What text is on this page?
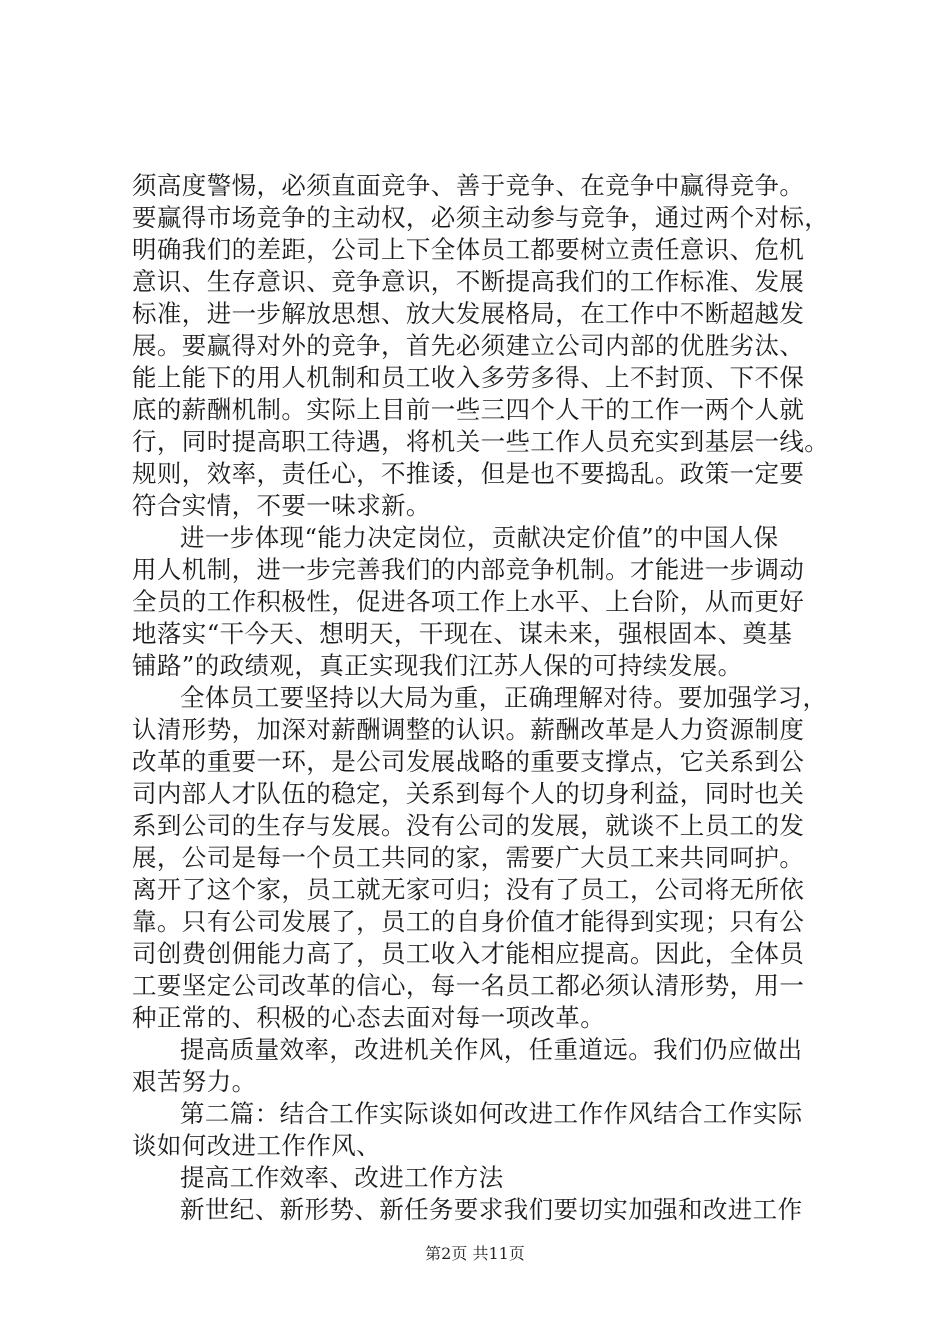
须高度警惕，必须直面竞争、善于竞争、在竞争中赢得竞争。
要赢得市场竞争的主动权，必须主动参与竞争，通过两个对标，
明确我们的差距，公司上下全体员工都要树立责任意识、危机
意识、生存意识、竞争意识，不断提高我们的工作标准、发展
标准，进一步解放思想、放大发展格局，在工作中不断超越发
展。要赢得对外的竞争，首先必须建立公司内部的优胜劣汰、
能上能下的用人机制和员工收入多劳多得、上不封顶、下不保
底的薪酬机制。实际上目前一些三四个人干的工作一两个人就
行，同时提高职工待遇，将机关一些工作人员充实到基层一线。
规则，效率，责任心，不推诿，但是也不要捣乱。政策一定要
符合实情，不要一味求新。
进一步体现“能力决定岗位，贡献决定价值”的中国人保
用人机制，进一步完善我们的内部竞争机制。才能进一步调动
全员的工作积极性，促进各项工作上水平、上台阶，从而更好
地落实“干今天、想明天，干现在、谋未来，强根固本、奠基
铺路”的政绩观，真正实现我们江苏人保的可持续发展。
全体员工要坚持以大局为重，正确理解对待。要加强学习，
认清形势，加深对薪酬调整的认识。薪酬改革是人力资源制度
改革的重要一环，是公司发展战略的重要支撑点，它关系到公
司内部人才队伍的稳定，关系到每个人的切身利益，同时也关
系到公司的生存与发展。没有公司的发展，就谈不上员工的发
展，公司是每一个员工共同的家，需要广大员工来共同呵护。
离开了这个家，员工就无家可归；没有了员工，公司将无所依
靠。只有公司发展了，员工的自身价值才能得到实现；只有公
司创费创佣能力高了，员工收入才能相应提高。因此，全体员
工要坚定公司改革的信心，每一名员工都必须认清形势，用一
种正常的、积极的心态去面对每一项改革。
提高质量效率，改进机关作风，任重道远。我们仍应做出
艰苦努力。
第二篇：结合工作实际谈如何改进工作作风结合工作实际
谈如何改进工作作风、
提高工作效率、改进工作方法
新世纪、新形势、新任务要求我们要切实加强和改进工作
第2页 共11页
